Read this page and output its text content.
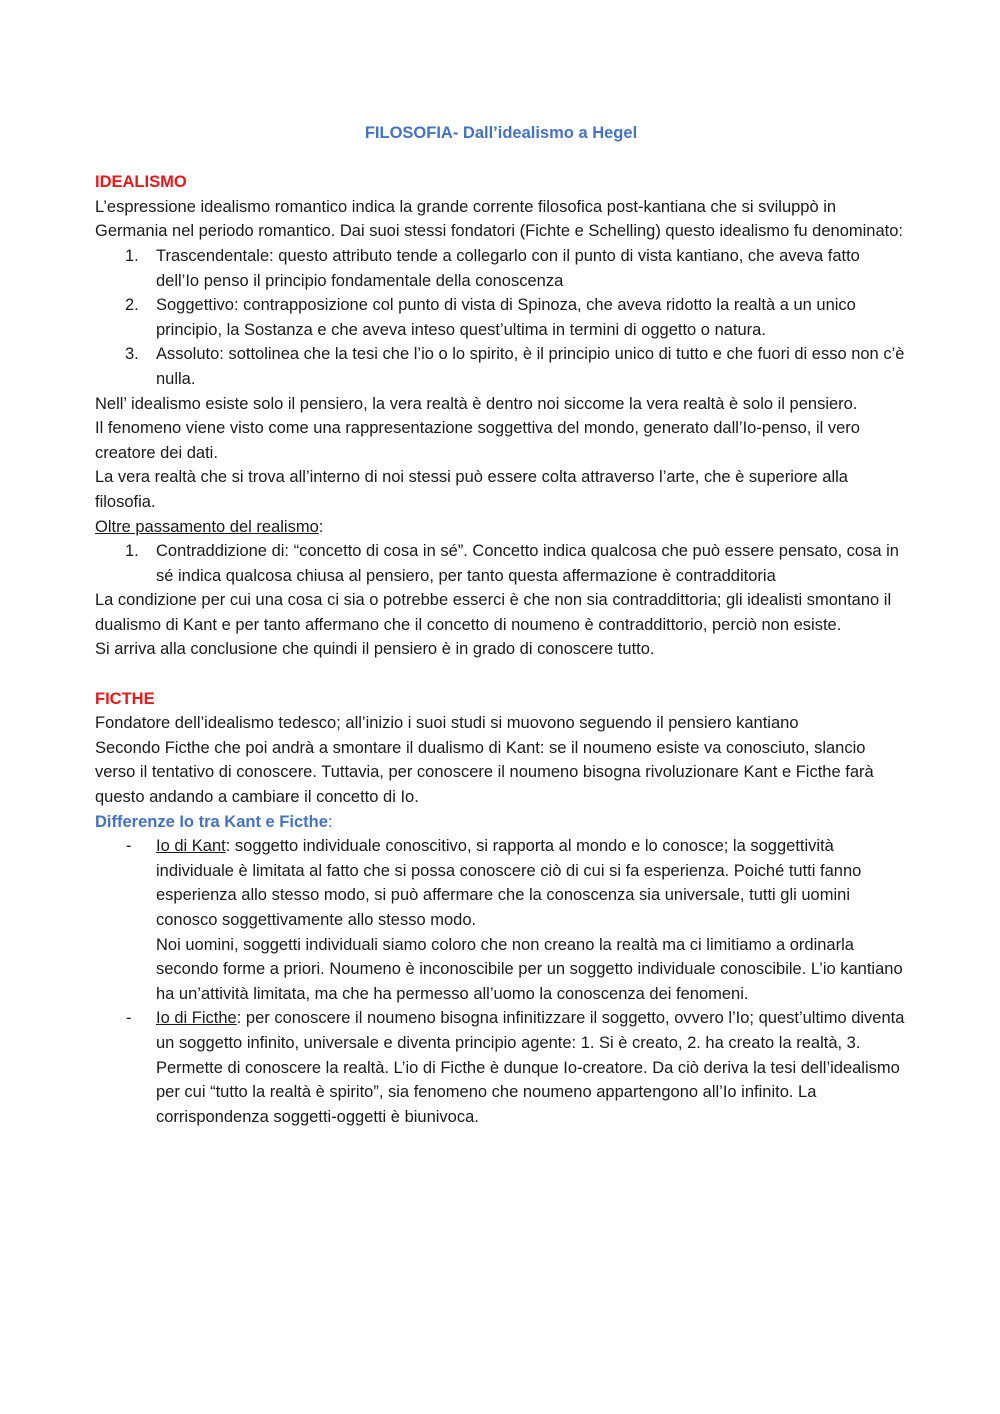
FILOSOFIA- Dall’idealismo a Hegel

IDEALISMO

L’espressione idealismo romantico indica la grande corrente filosofica post-kantiana che si sviluppò in Germania nel periodo romantico. Dai suoi stessi fondatori (Fichte e Schelling) questo idealismo fu denominato:

1. Trascendentale: questo attributo tende a collegarlo con il punto di vista kantiano, che aveva fatto dell’Io penso il principio fondamentale della conoscenza
2. Soggettivo: contrapposizione col punto di vista di Spinoza, che aveva ridotto la realtà a un unico principio, la Sostanza e che aveva inteso quest’ultima in termini di oggetto o natura.
3. Assoluto: sottolinea che la tesi che l’io o lo spirito, è il principio unico di tutto e che fuori di esso non c’è nulla.

Nell’ idealismo esiste solo il pensiero, la vera realtà è dentro noi siccome la vera realtà è solo il pensiero.

Il fenomeno viene visto come una rappresentazione soggettiva del mondo, generato dall’Io-penso, il vero creatore dei dati.

La vera realtà che si trova all’interno di noi stessi può essere colta attraverso l’arte, che è superiore alla filosofia.

Oltre passamento del realismo:

1. Contraddizione di: “concetto di cosa in sé”. Concetto indica qualcosa che può essere pensato, cosa in sé indica qualcosa chiusa al pensiero, per tanto questa affermazione è contradditoria

La condizione per cui una cosa ci sia o potrebbe esserci è che non sia contraddittoria; gli idealisti smontano il dualismo di Kant e per tanto affermano che il concetto di noumeno è contraddittorio, perciò non esiste.

Si arriva alla conclusione che quindi il pensiero è in grado di conoscere tutto.

FICTHE

Fondatore dell’idealismo tedesco; all’inizio i suoi studi si muovono seguendo il pensiero kantiano

Secondo Ficthe che poi andrà a smontare il dualismo di Kant: se il noumeno esiste va conosciuto, slancio verso il tentativo di conoscere. Tuttavia, per conoscere il noumeno bisogna rivoluzionare Kant e Ficthe farà questo andando a cambiare il concetto di Io.

Differenze Io tra Kant e Ficthe:

- Io di Kant: soggetto individuale conoscitivo, si rapporta al mondo e lo conosce; la soggettività individuale è limitata al fatto che si possa conoscere ciò di cui si fa esperienza. Poiché tutti fanno esperienza allo stesso modo, si può affermare che la conoscenza sia universale, tutti gli uomini conosco soggettivamente allo stesso modo.
Noi uomini, soggetti individuali siamo coloro che non creano la realtà ma ci limitiamo a ordinarla secondo forme a priori. Noumeno è inconoscibile per un soggetto individuale conoscibile. L’io kantiano ha un’attività limitata, ma che ha permesso all’uomo la conoscenza dei fenomeni.
- Io di Ficthe: per conoscere il noumeno bisogna infinitizzare il soggetto, ovvero l’Io; quest’ultimo diventa un soggetto infinito, universale e diventa principio agente: 1. Si è creato, 2. ha creato la realtà, 3. Permette di conoscere la realtà. L’io di Ficthe è dunque Io-creatore. Da ciò deriva la tesi dell’idealismo per cui “tutto la realtà è spirito”, sia fenomeno che noumeno appartengono all’Io infinito. La corrispondenza soggetti-oggetti è biunivoca.
